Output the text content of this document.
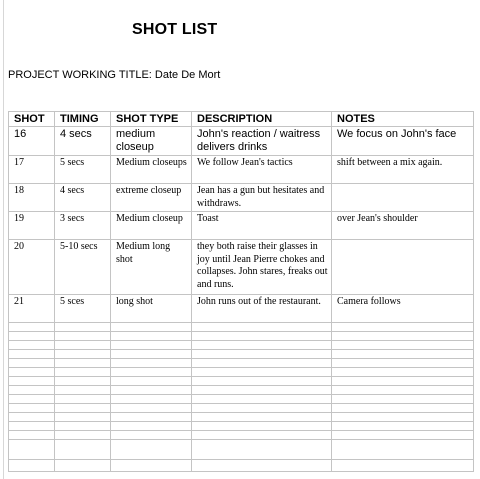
SHOT LIST
PROJECT WORKING TITLE: Date De Mort
SHOT	TIMING	SHOT TYPE	DESCRIPTION	NOTES
16	4 secs	medium closeup	John's reaction / waitress delivers drinks	We focus on John's face
17	5 secs	Medium closeups	We follow Jean's tactics	shift between a mix again.
18	4 secs	extreme closeup	Jean has a gun but hesitates and withdraws.	
19	3 secs	Medium closeup	Toast	over Jean's shoulder
20	5-10 secs	Medium long shot	they both raise their glasses in joy until Jean Pierre chokes and collapses. John stares, freaks out and runs.	
21	5 sces	long shot	John runs out of the restaurant.	Camera follows
